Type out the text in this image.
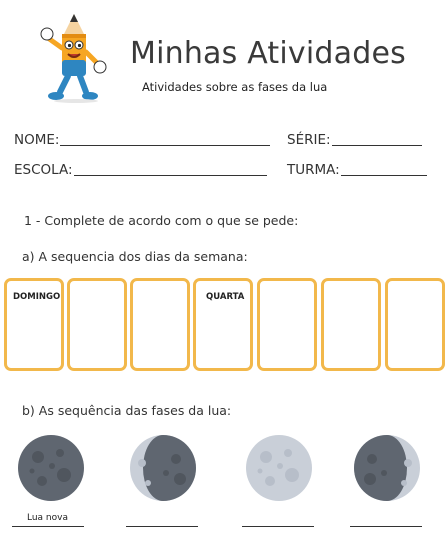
Minhas Atividades
Atividades sobre as fases da lua
NOME:	SÉRIE:
ESCOLA:	TURMA:
1 - Complete de acordo com o que se pede:
a) A sequencia dos dias da semana:
DOMINGO	QUARTA
b) As sequência das fases da lua:
Lua nova
